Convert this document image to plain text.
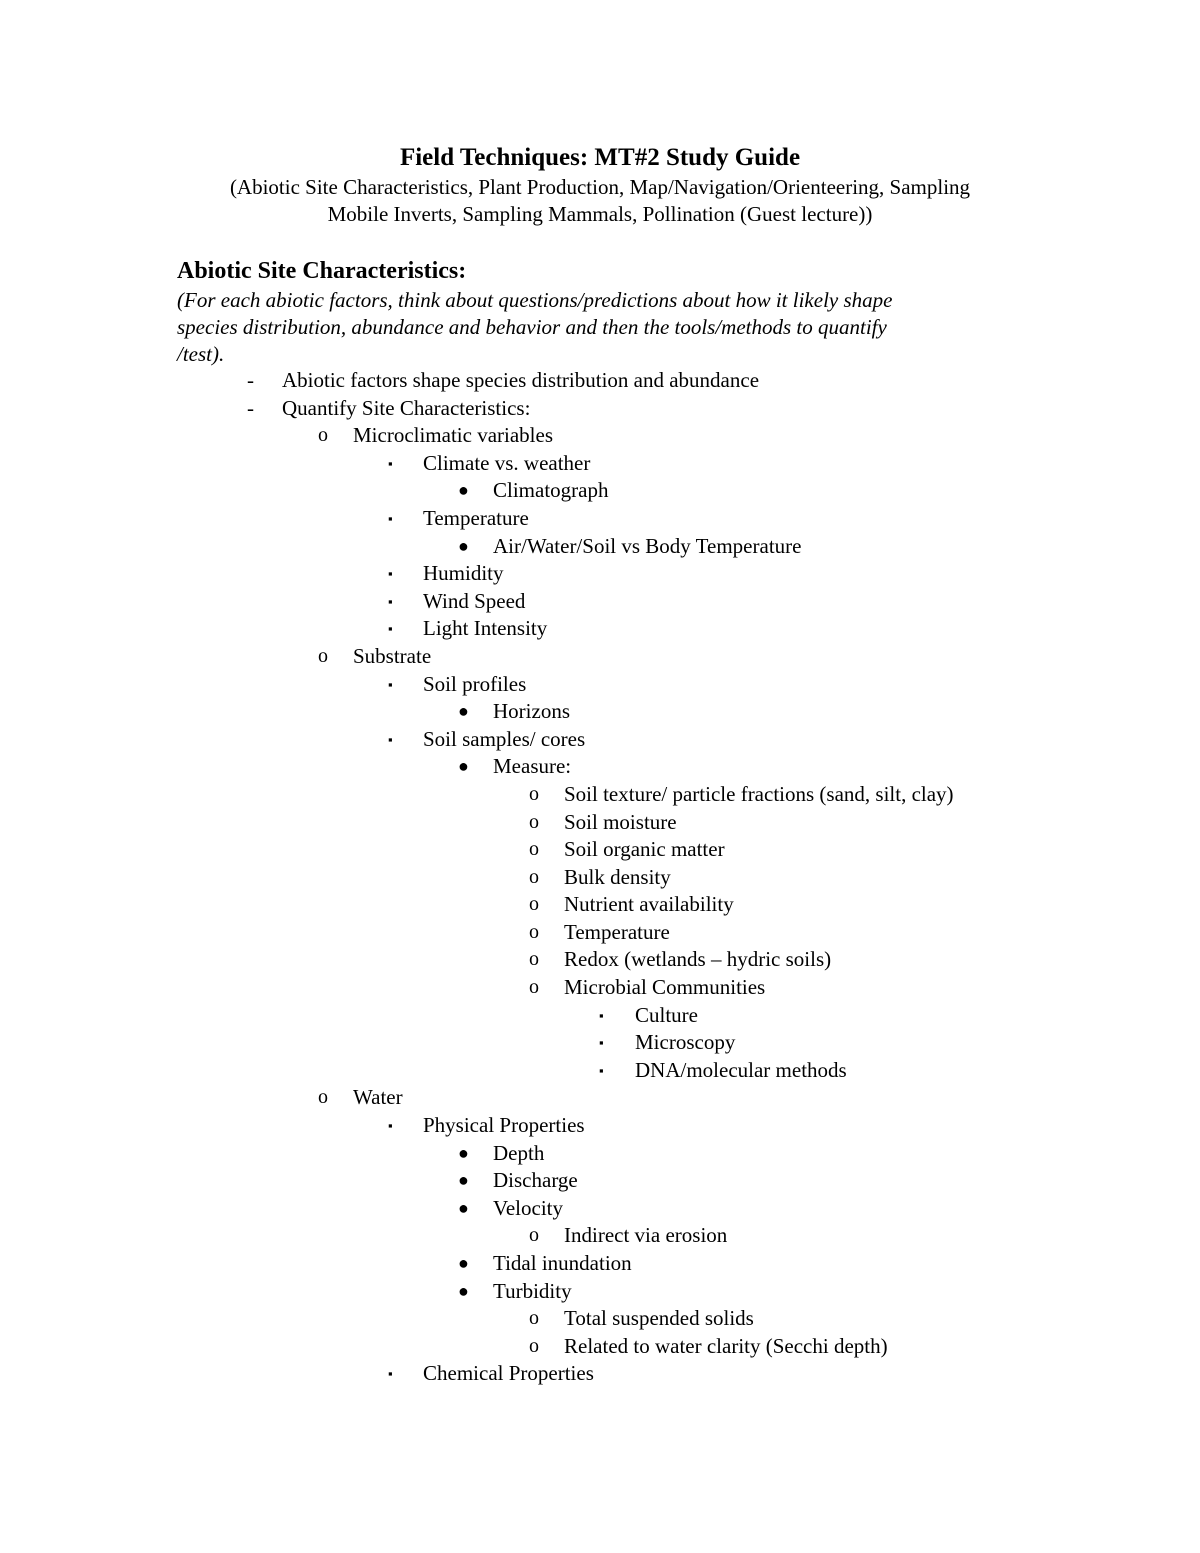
Field Techniques: MT#2 Study Guide
(Abiotic Site Characteristics, Plant Production, Map/Navigation/Orienteering, Sampling
Mobile Inverts, Sampling Mammals, Pollination (Guest lecture))
Abiotic Site Characteristics:
(For each abiotic factors, think about questions/predictions about how it likely shape
species distribution, abundance and behavior and then the tools/methods to quantify
/test).
- Abiotic factors shape species distribution and abundance
- Quantify Site Characteristics:
o Microclimatic variables
▪ Climate vs. weather
● Climatograph
▪ Temperature
● Air/Water/Soil vs Body Temperature
▪ Humidity
▪ Wind Speed
▪ Light Intensity
o Substrate
▪ Soil profiles
● Horizons
▪ Soil samples/ cores
● Measure:
o Soil texture/ particle fractions (sand, silt, clay)
o Soil moisture
o Soil organic matter
o Bulk density
o Nutrient availability
o Temperature
o Redox (wetlands – hydric soils)
o Microbial Communities
▪ Culture
▪ Microscopy
▪ DNA/molecular methods
o Water
▪ Physical Properties
● Depth
● Discharge
● Velocity
o Indirect via erosion
● Tidal inundation
● Turbidity
o Total suspended solids
o Related to water clarity (Secchi depth)
▪ Chemical Properties
